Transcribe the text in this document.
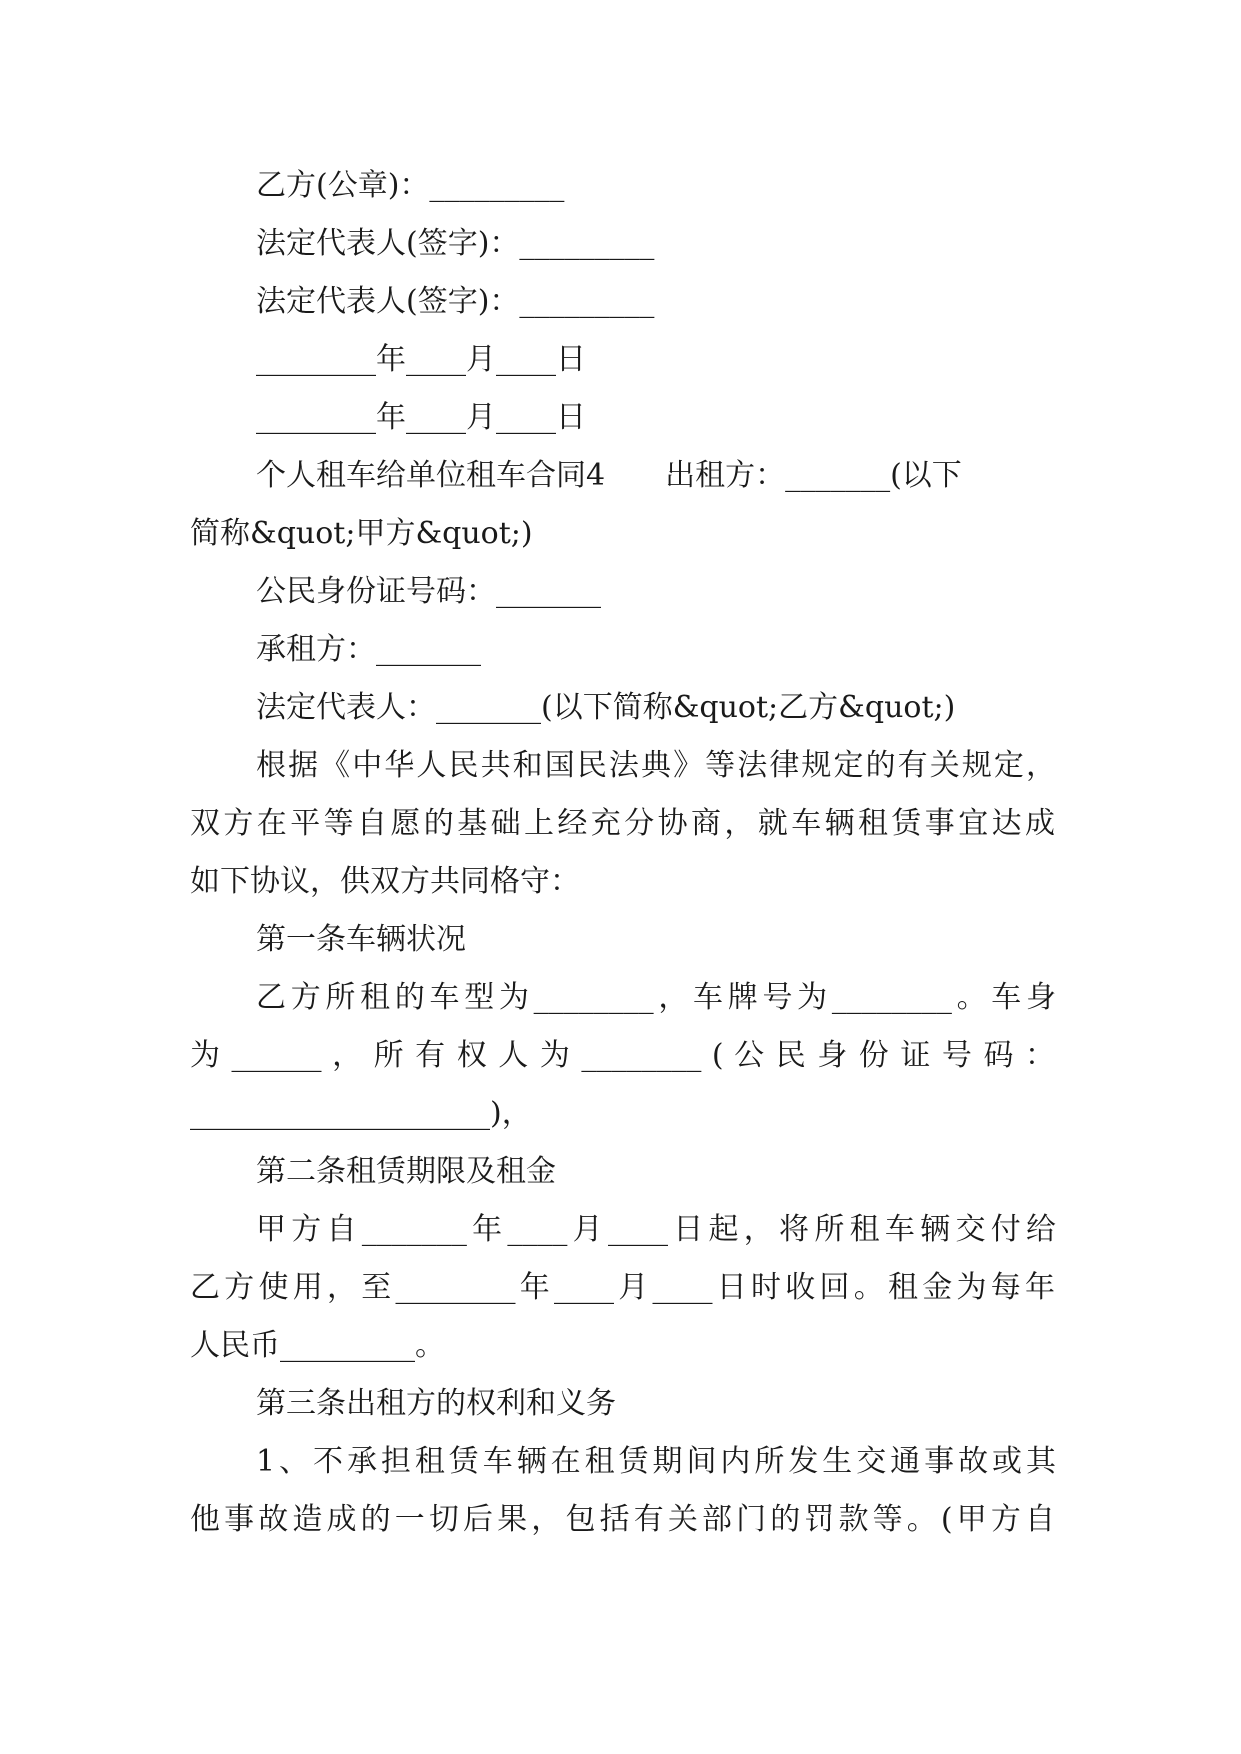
乙方(公章)：_________
法定代表人(签字)：_________
法定代表人(签字)：_________
________年____月____日
________年____月____日
个人租车给单位租车合同4　　出租方：_______(以下
简称&quot;甲方&quot;)
公民身份证号码：_______
承租方：_______
法定代表人：_______(以下简称&quot;乙方&quot;)
根据《中华人民共和国民法典》等法律规定的有关规定，
双方在平等自愿的基础上经充分协商，就车辆租赁事宜达成
如下协议，供双方共同格守：
第一条车辆状况
乙方所租的车型为________，车牌号为________。车身
为 ______ ， 所 有 权 人 为 ________ ( 公 民 身 份 证 号 码 ：
____________________)，
第二条租赁期限及租金
甲方自_______年____月____日起，将所租车辆交付给
乙方使用，至________年____月____日时收回。租金为每年
人民币_________。
第三条出租方的权利和义务
1、不承担租赁车辆在租赁期间内所发生交通事故或其
他事故造成的一切后果，包括有关部门的罚款等。(甲方自
